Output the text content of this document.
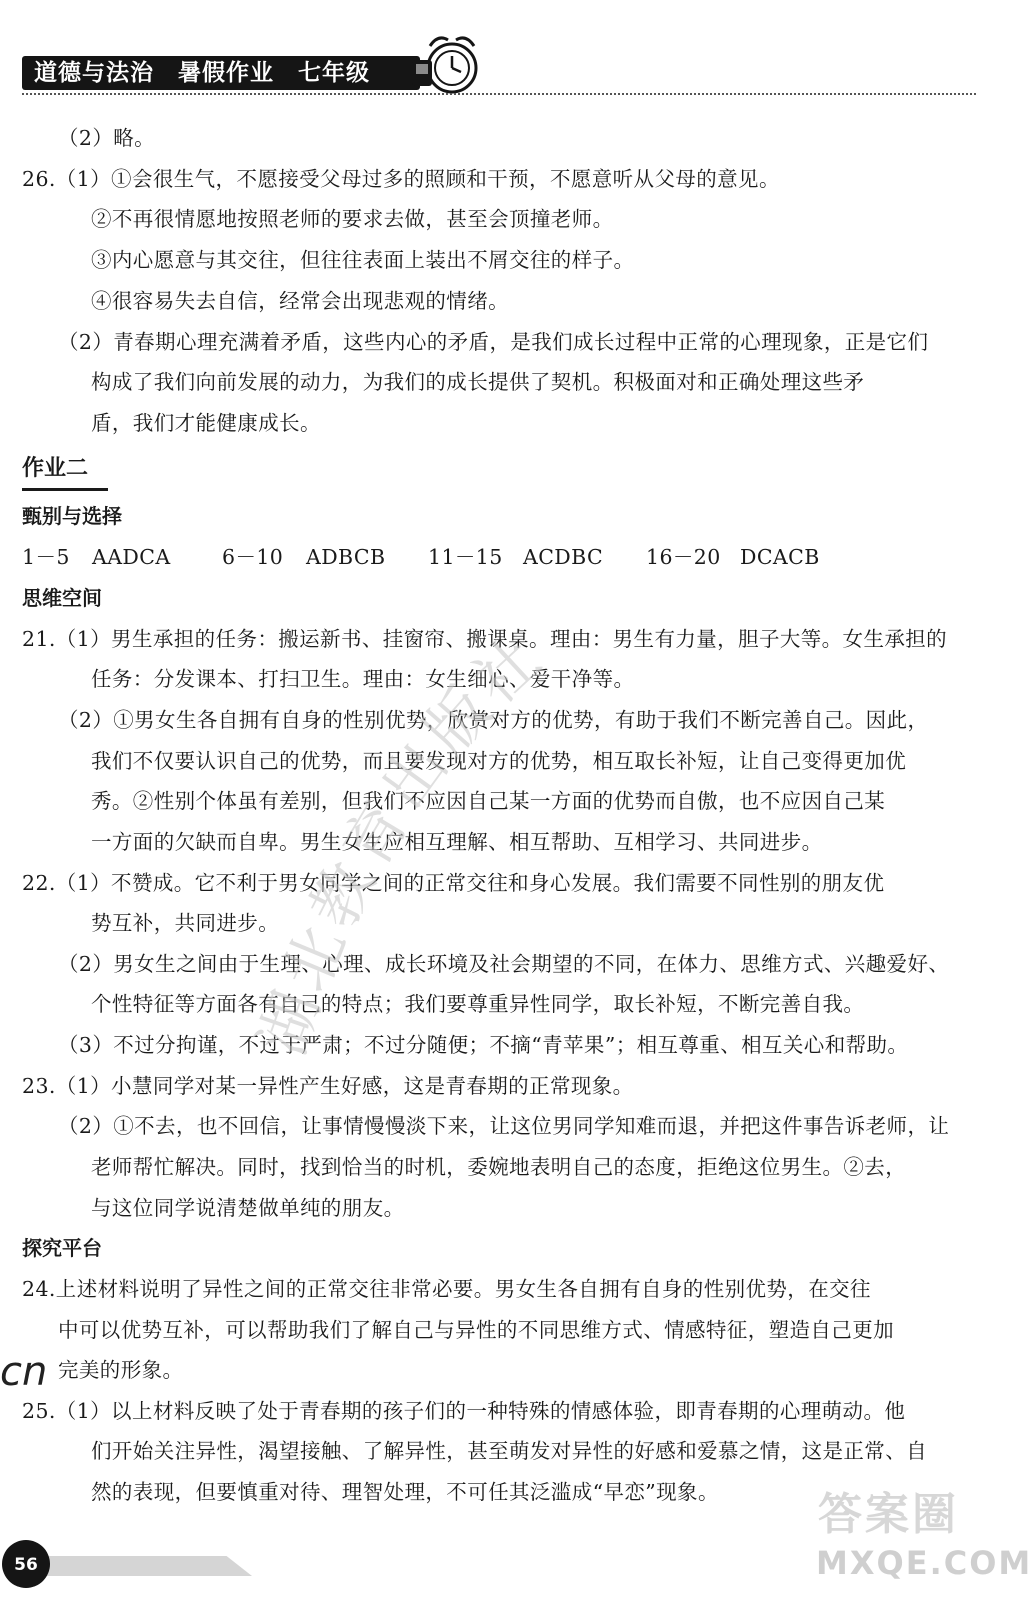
道德与法治　暑假作业　七年级
（2）略。
26.（1）①会很生气，不愿接受父母过多的照顾和干预，不愿意听从父母的意见。
②不再很情愿地按照老师的要求去做，甚至会顶撞老师。
③内心愿意与其交往，但往往表面上装出不屑交往的样子。
④很容易失去自信，经常会出现悲观的情绪。
（2）青春期心理充满着矛盾，这些内心的矛盾，是我们成长过程中正常的心理现象，正是它们
构成了我们向前发展的动力，为我们的成长提供了契机。积极面对和正确处理这些矛
盾，我们才能健康成长。
作业二
甄别与选择
1－5 AADCA	6－10 ADBCB 11－15 ACDBC 16－20 DCACB
思维空间
21.（1）男生承担的任务：搬运新书、挂窗帘、搬课桌。理由：男生有力量，胆子大等。女生承担的
任务：分发课本、打扫卫生。理由：女生细心、爱干净等。
（2）①男女生各自拥有自身的性别优势，欣赏对方的优势，有助于我们不断完善自己。因此，
我们不仅要认识自己的优势，而且要发现对方的优势，相互取长补短，让自己变得更加优
秀。②性别个体虽有差别，但我们不应因自己某一方面的优势而自傲，也不应因自己某
一方面的欠缺而自卑。男生女生应相互理解、相互帮助、互相学习、共同进步。
22.（1）不赞成。它不利于男女同学之间的正常交往和身心发展。我们需要不同性别的朋友优
势互补，共同进步。
（2）男女生之间由于生理、心理、成长环境及社会期望的不同，在体力、思维方式、兴趣爱好、
个性特征等方面各有自己的特点；我们要尊重异性同学，取长补短，不断完善自我。
（3）不过分拘谨，不过于严肃；不过分随便；不摘“青苹果”；相互尊重、相互关心和帮助。
23.（1）小慧同学对某一异性产生好感，这是青春期的正常现象。
（2）①不去，也不回信，让事情慢慢淡下来，让这位男同学知难而退，并把这件事告诉老师，让
老师帮忙解决。同时，找到恰当的时机，委婉地表明自己的态度，拒绝这位男生。②去，
与这位同学说清楚做单纯的朋友。
探究平台
24.上述材料说明了异性之间的正常交往非常必要。男女生各自拥有自身的性别优势，在交往
中可以优势互补，可以帮助我们了解自己与异性的不同思维方式、情感特征，塑造自己更加
完美的形象。
25.（1）以上材料反映了处于青春期的孩子们的一种特殊的情感体验，即青春期的心理萌动。他
们开始关注异性，渴望接触、了解异性，甚至萌发对异性的好感和爱慕之情，这是正常、自
然的表现，但要慎重对待、理智处理，不可任其泛滥成“早恋”现象。
cn
湖北教育出版社
答案圈
MXQE.COM
56
